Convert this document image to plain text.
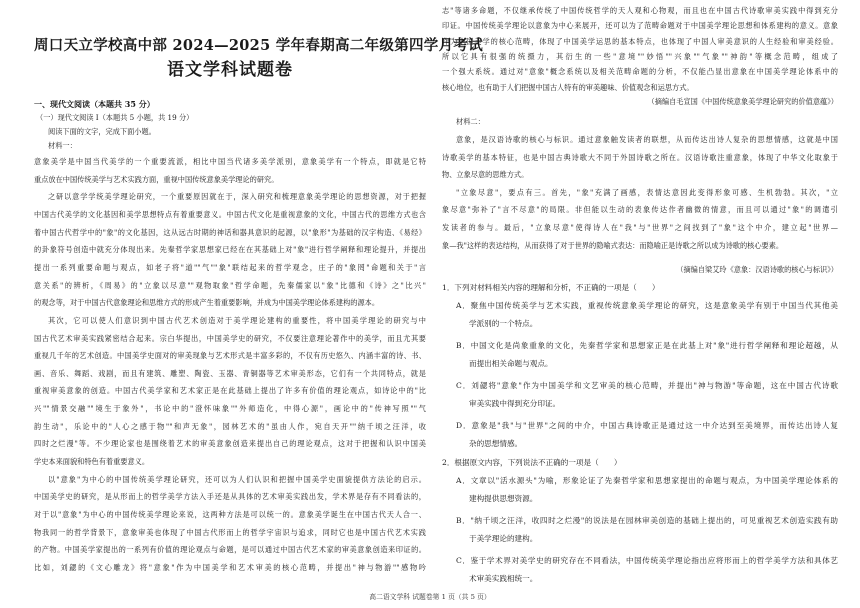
周口天立学校高中部 2024—2025 学年春期高二年级第四学月考试
语文学科试题卷
一、现代文阅读（本题共 35 分）
（一）现代文阅读 I（本题共 5 小题，共 19 分）
阅读下面的文字，完成下面小题。
材料一：
意象美学是中国当代美学的一个重要流派，相比中国当代诸多美学派别，意象美学有一个特点，即就是它特
重点放在中国传统美学与艺术实践方面，重视中国传统意象美学理论的研究。
之研以意学学统美学理论研究，一个重要原因就在于，深入研究和梳理意象美学理论的思想资源，对于把握
中国古代美学的文化基因和美学思想特点有着重要意义。中国古代文化是重视意象的文化，中国古代的思维方式也含
着中国古代哲学中的"象"的文化基因，这从远古时期的神话和器具意识的起源，以"象形"为基础的汉字构造、《易经》
的卦象符号创造中就充分体现出来。先秦哲学家思想家已经在在其基础上对"象"进行哲学阐释和理论提升，并提出
提出一系列重要命题与观点，如老子将"道""气""象"联结起来的哲学观念，庄子的"象罔"命题和关于"言
意关系"的辨析，《周易》的"立象以尽意""观物取象"哲学命题，先秦儒家以"象"比德和《诗》之"比兴"
的观念等，对于中国古代意象理论和思维方式的形成产生着重要影响，并成为中国美学理论体系建构的源本。
其次，它可以使人们意识到中国古代艺术创造对于美学理论建构的重要性，将中国美学理论的研究与中
国古代艺术审美实践紧密结合起来。宗白华提出，中国美学史的研究，不仅要注意理论著作中的美学，而且尤其要
重视几千年的艺术创造。中国美学史面对的审美现象与艺术形式是丰富多彩的，不仅有历史悠久、内涵丰富的诗、书、
画、音乐、舞蹈、戏剧，而且有建筑、雕塑、陶瓷、玉器、青铜器等艺术审美形态，它们有一个共同特点，就是
重视审美意象的创造。中国古代美学家和艺术家正是在此基础上提出了许多有价值的理论观点，如诗论中的"比
兴""情景交融""境生于象外"，书论中的"澄怀味象""外师造化，中得心源"，画论中的"传神写照""气
韵生动"，乐论中的"人心之感于物""和声无象"，园林艺术的"虽由人作，宛自天开""纳千顷之汪洋，收
四时之烂漫"等。不少理论家也是围绕着艺术的审美意象创造来提出自己的理论观点，这对于把握和认识中国美
学史本来面貌和特色有着重要意义。
以"意象"为中心的中国传统美学理论研究，还可以为人们认识和把握中国美学史面貌提供方法论的启示。
中国美学史的研究，是从形而上的哲学美学方法入手还是从具体的艺术审美实践出发，学术界是存有不同看法的，
对于以"意象"为中心的中国传统美学理论来说，这两种方法是可以统一的。意象美学诞生在中国古代天人合一、
物我同一的哲学背景下，意象审美也体现了中国古代形而上的哲学宇宙识与追求，同时它也是中国古代艺术实践
的产物。中国美学家提出的一系列有价值的理论观点与命题，是可以通过中国古代艺术家的审美意象创造来印证的。
比如，刘勰的《文心雕龙》将"意象"作为中国美学和艺术审美的核心范畴，并提出"神与物游""感物吟
志"等诸多命题，不仅继承传统了中国传统哲学的天人观和心物观，而且也在中国古代诗歌审美实践中得到充分
印证。中国传统美学理论以意象为中心来展开，还可以为了范畴命题对于中国美学理论思想和体系建构的意义。意象
作为中国美学的核心范畴，体现了中国美学运思的基本特点，也体现了中国人审美意识的人生经验和审美经验。
所以它具有很强的统摄力，其衍生的一些"意境""妙悟""兴象""气象""神韵"等概念范畴，组成了
一个强大系统。通过对"意象"概念系统以及相关范畴命题的分析，不仅能凸显出意象在中国美学理论体系中的
核心地位，也有助于人们把握中国古人特有的审美趣味、价值观念和运思方式。
（摘编自毛宣国《中国传统意象美学理论研究的价值意蕴》）
材料二：
意象，是汉语诗歌的核心与标识。通过意象触发读者的联想，从而传达出诗人复杂的思想情感，这就是中国
诗歌美学的基本特征，也是中国古典诗歌大不同于外国诗歌之所在。汉语诗歌注重意象，体现了中华文化取象于
物、立象尽意的思维方式。
"立象尽意"，要点有三。首先，"象"充满了画感，表情达意因此变得形象可感、生机勃勃。其次，"立
象尽意"弥补了"言不尽意"的局限。非但能以生动的表象传达作者幽微的情意，而且可以通过"象"的调遣引
发读者的参与。最后，"立象尽意"使得诗人在"我"与"世界"之间找到了"象"这个中介，建立起"世界—
象—我"这样的表达结构，从而获得了对于世界的隐喻式表达：而隐喻正是诗歌之所以成为诗歌的核心要素。
（摘编自梁艾玲《意象：汉语诗歌的核心与标识》）
1．下列对材料相关内容的理解和分析，不正确的一项是（　　）
A．聚焦中国传统美学与艺术实践，重视传统意象美学理论的研究，这是意象美学有别于中国当代其他美
学派别的一个特点。
B．中国文化是尚象重象的文化，先秦哲学家和思想家正是在此基上对"象"进行哲学阐释和理论超越，从
而提出相关命题与观点。
C．刘勰将"意象"作为中国美学和文艺审美的核心范畴，并提出"神与物游"等命题，这在中国古代诗歌
审美实践中得到充分印证。
D．意象是"我"与"世界"之间的中介，中国古典诗歌正是通过这一中介达到至美境界，而传达出诗人复
杂的思想情感。
2．根据原文内容，下列说法不正确的一项是（　　）
A．文章以"活水源头"为喻，形象论证了先秦哲学家和思想家提出的命题与观点，为中国美学理论体系的
建构提供思想资源。
B．"纳千顷之汪洋，收四时之烂漫"的说法是在园林审美创造的基础上提出的，可见重视艺术创造实践有助
于美学理论的建构。
C．鉴于学术界对美学史的研究存在不同看法，中国传统美学理论指出应将形而上的哲学美学方法和具体艺
术审美实践相统一。
高二语文学科 试题卷第 1 页（共 5 页）
